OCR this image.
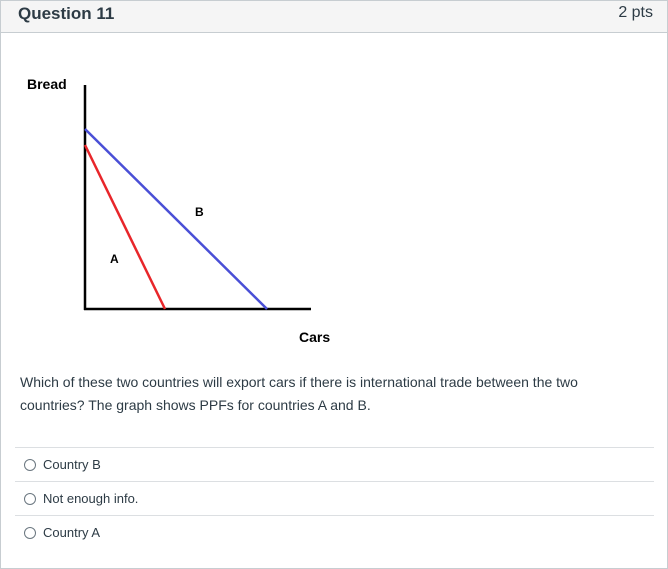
Question 11	2 pts
Bread
B
A
Cars
Which of these two countries will export cars if there is international trade between the two countries? The graph shows PPFs for countries A and B.
Country B
Not enough info.
Country A
